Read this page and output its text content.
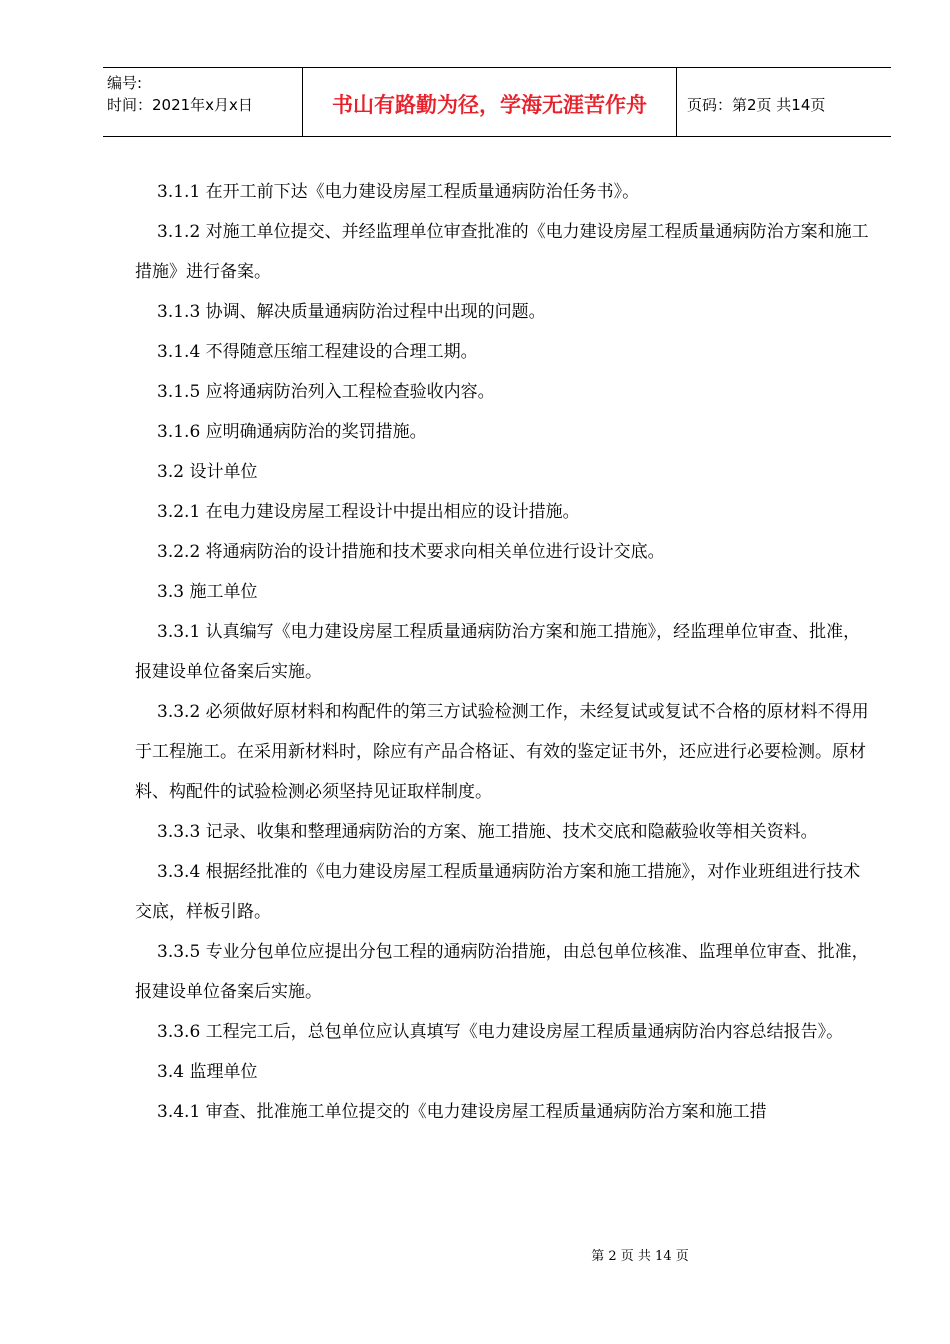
编号:
时间：2021年x月x日	书山有路勤为径，学海无涯苦作舟	页码：第2页 共14页

3.1.1 在开工前下达《电力建设房屋工程质量通病防治任务书》。

3.1.2 对施工单位提交、并经监理单位审查批准的《电力建设房屋工程质量通病防治方案和施工措施》进行备案。

3.1.3 协调、解决质量通病防治过程中出现的问题。

3.1.4 不得随意压缩工程建设的合理工期。

3.1.5 应将通病防治列入工程检查验收内容。

3.1.6 应明确通病防治的奖罚措施。

3.2 设计单位

3.2.1 在电力建设房屋工程设计中提出相应的设计措施。

3.2.2 将通病防治的设计措施和技术要求向相关单位进行设计交底。

3.3 施工单位

3.3.1 认真编写《电力建设房屋工程质量通病防治方案和施工措施》，经监理单位审查、批准，报建设单位备案后实施。

3.3.2 必须做好原材料和构配件的第三方试验检测工作，未经复试或复试不合格的原材料不得用于工程施工。在采用新材料时，除应有产品合格证、有效的鉴定证书外，还应进行必要检测。原材料、构配件的试验检测必须坚持见证取样制度。

3.3.3 记录、收集和整理通病防治的方案、施工措施、技术交底和隐蔽验收等相关资料。

3.3.4 根据经批准的《电力建设房屋工程质量通病防治方案和施工措施》，对作业班组进行技术交底，样板引路。

3.3.5 专业分包单位应提出分包工程的通病防治措施，由总包单位核准、监理单位审查、批准，报建设单位备案后实施。

3.3.6 工程完工后，总包单位应认真填写《电力建设房屋工程质量通病防治内容总结报告》。

3.4 监理单位

3.4.1 审查、批准施工单位提交的《电力建设房屋工程质量通病防治方案和施工措

第 2 页 共 14 页
